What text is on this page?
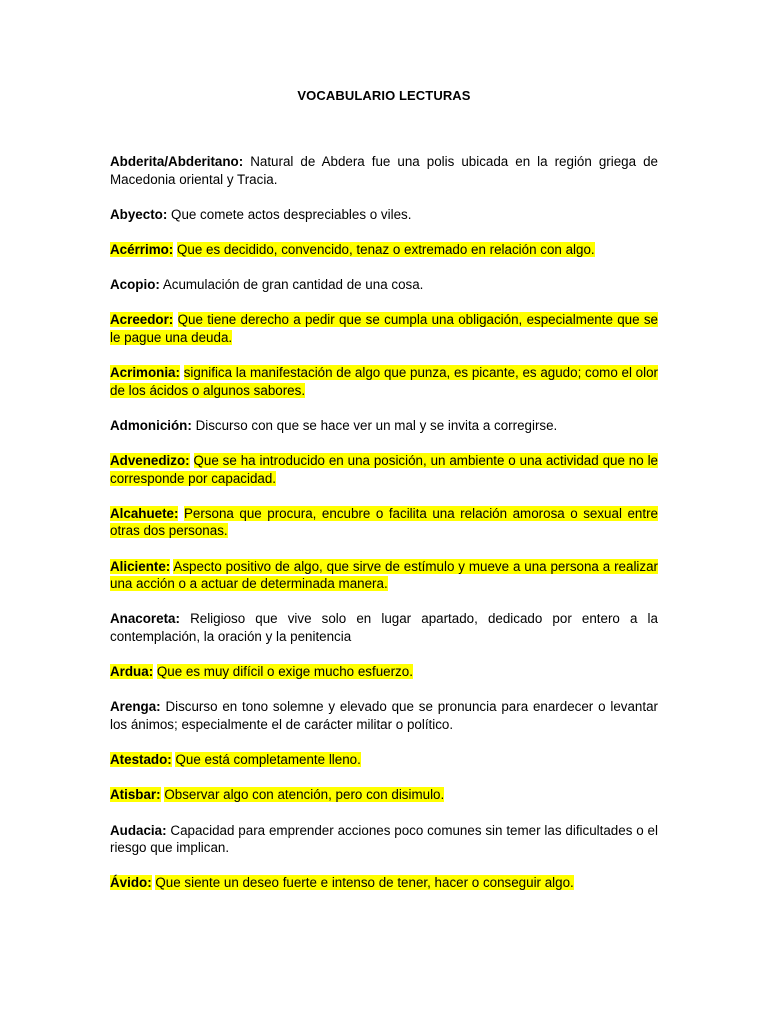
VOCABULARIO LECTURAS

Abderita/Abderitano: Natural de Abdera fue una polis ubicada en la región griega de Macedonia oriental y Tracia.

Abyecto: Que comete actos despreciables o viles.

Acérrimo: Que es decidido, convencido, tenaz o extremado en relación con algo.

Acopio: Acumulación de gran cantidad de una cosa.

Acreedor: Que tiene derecho a pedir que se cumpla una obligación, especialmente que se le pague una deuda.

Acrimonia: significa la manifestación de algo que punza, es picante, es agudo; como el olor de los ácidos o algunos sabores.

Admonición: Discurso con que se hace ver un mal y se invita a corregirse.

Advenedizo: Que se ha introducido en una posición, un ambiente o una actividad que no le corresponde por capacidad.

Alcahuete: Persona que procura, encubre o facilita una relación amorosa o sexual entre otras dos personas.

Aliciente: Aspecto positivo de algo, que sirve de estímulo y mueve a una persona a realizar una acción o a actuar de determinada manera.

Anacoreta: Religioso que vive solo en lugar apartado, dedicado por entero a la contemplación, la oración y la penitencia

Ardua: Que es muy difícil o exige mucho esfuerzo.

Arenga: Discurso en tono solemne y elevado que se pronuncia para enardecer o levantar los ánimos; especialmente el de carácter militar o político.

Atestado: Que está completamente lleno.

Atisbar: Observar algo con atención, pero con disimulo.

Audacia: Capacidad para emprender acciones poco comunes sin temer las dificultades o el riesgo que implican.

Ávido: Que siente un deseo fuerte e intenso de tener, hacer o conseguir algo.
